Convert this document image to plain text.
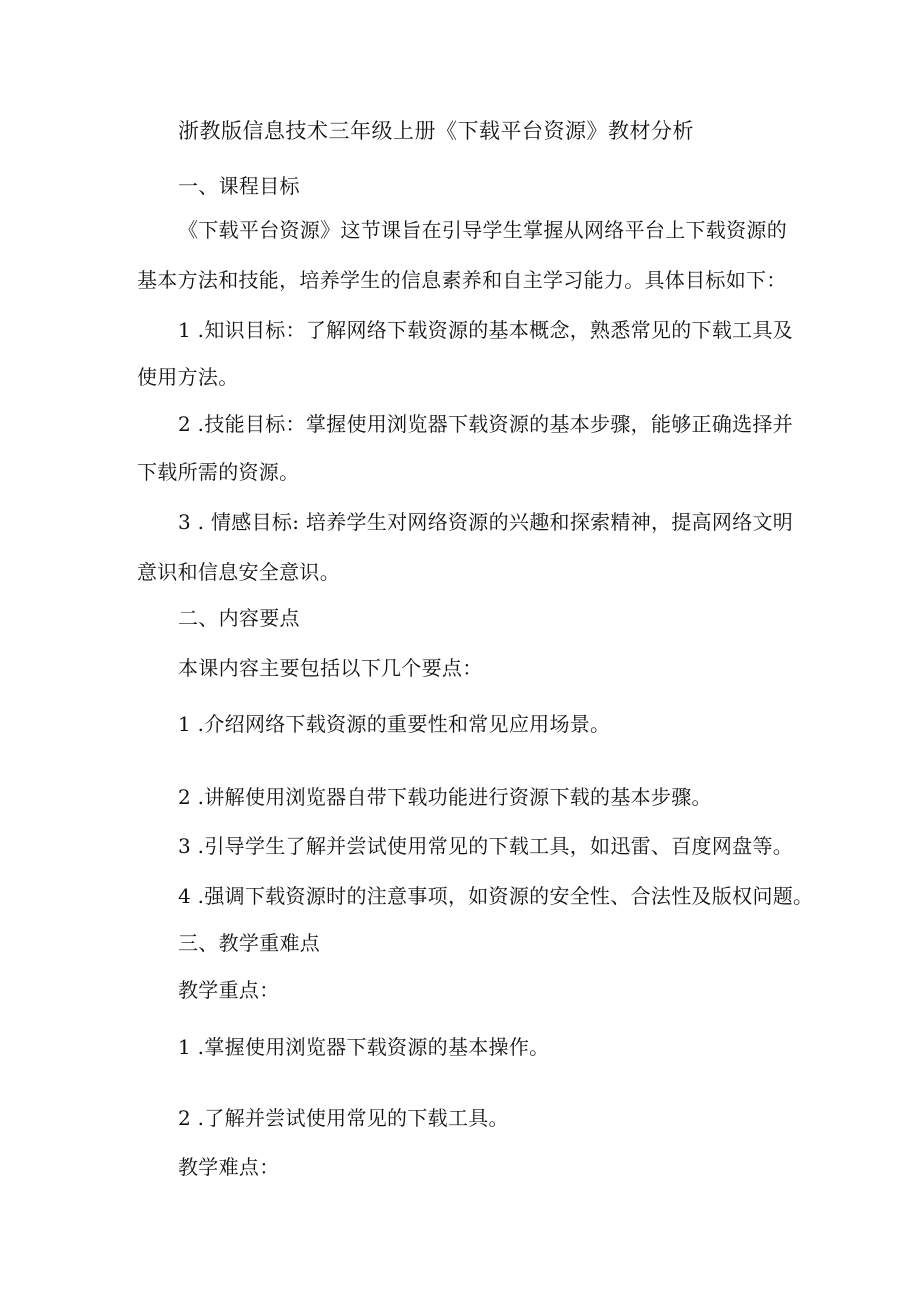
浙教版信息技术三年级上册《下载平台资源》教材分析
一、课程目标
《下载平台资源》这节课旨在引导学生掌握从网络平台上下载资源的
基本方法和技能，培养学生的信息素养和自主学习能力。具体目标如下：
1 .知识目标：了解网络下载资源的基本概念，熟悉常见的下载工具及
使用方法。
2 .技能目标：掌握使用浏览器下载资源的基本步骤，能够正确选择并
下载所需的资源。
3 . 情感目标: 培养学生对网络资源的兴趣和探索精神，提高网络文明
意识和信息安全意识。
二、内容要点
本课内容主要包括以下几个要点：
1 .介绍网络下载资源的重要性和常见应用场景。
2 .讲解使用浏览器自带下载功能进行资源下载的基本步骤。
3 .引导学生了解并尝试使用常见的下载工具，如迅雷、百度网盘等。
4 .强调下载资源时的注意事项，如资源的安全性、合法性及版权问题。
三、教学重难点
教学重点：
1 .掌握使用浏览器下载资源的基本操作。
2 .了解并尝试使用常见的下载工具。
教学难点：
